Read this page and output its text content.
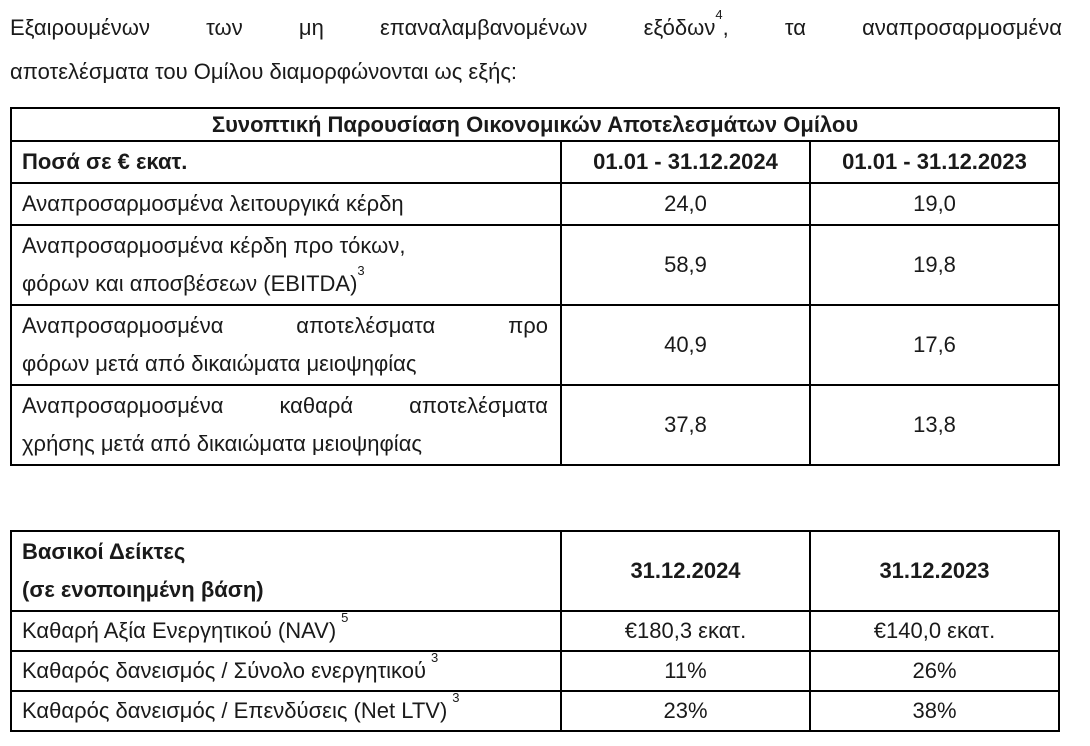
Εξαιρουμένων των μη επαναλαμβανομένων εξόδων$^4$, τα αναπροσαρμοσμένα
αποτελέσματα του Ομίλου διαμορφώνονται ως εξής:
Συνοπτική Παρουσίαση Οικονομικών Αποτελεσμάτων Ομίλου		
Ποσά σε € εκατ.	01.01 - 31.12.2024	01.01 - 31.12.2023

Αναπροσαρμοσμένα λειτουργικά κέρδη	24,0	19,0

Αναπροσαρμοσμένα κέρδη προ τόκων,
φόρων και αποσβέσεων (EBITDA)$^3$	58,9	19,8

Αναπροσαρμοσμένα αποτελέσματα προ
φόρων μετά από δικαιώματα μειοψηφίας	40,9	17,6

Αναπροσαρμοσμένα καθαρά αποτελέσματα
χρήσης μετά από δικαιώματα μειοψηφίας	37,8	13,8
Βασικοί Δείκτες
(σε ενοποιημένη βάση)	31.12.2024	31.12.2023
Καθαρή Αξία Ενεργητικού (NAV)$^5$	€180,3 εκατ.	€140,0 εκατ.
Καθαρός δανεισμός / Σύνολο ενεργητικού$^3$	11%	26%
Καθαρός δανεισμός / Επενδύσεις (Net LTV)$^3$	23%	38%
